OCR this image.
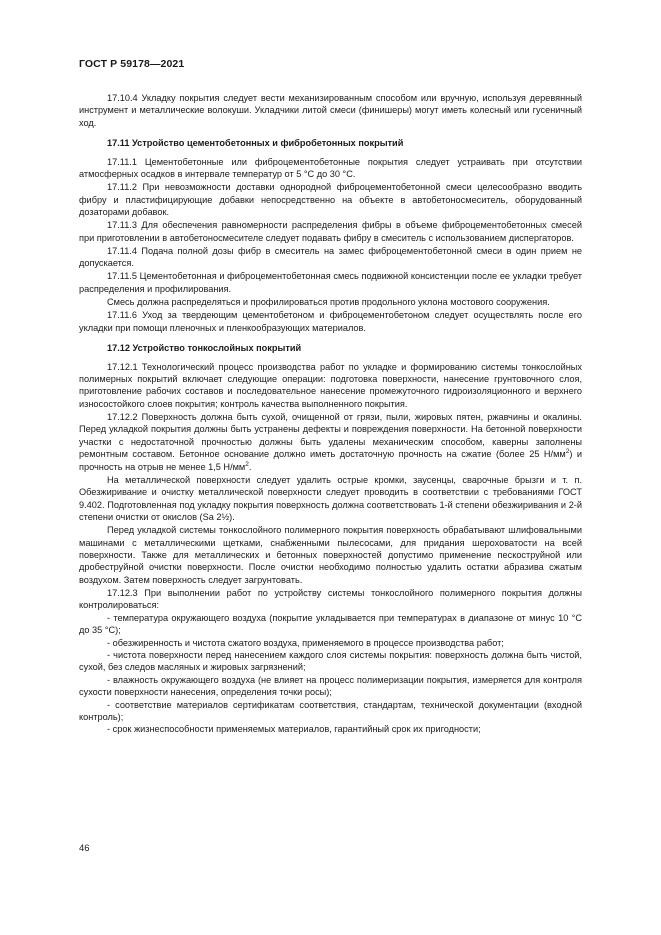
ГОСТ Р 59178—2021

17.10.4 Укладку покрытия следует вести механизированным способом или вручную, используя деревянный инструмент и металлические волокуши. Укладчики литой смеси (финишеры) могут иметь колесный или гусеничный ход.

17.11 Устройство цементобетонных и фибробетонных покрытий

17.11.1 Цементобетонные или фиброцементобетонные покрытия следует устраивать при отсутствии атмосферных осадков в интервале температур от 5 °С до 30 °С.

17.11.2 При невозможности доставки однородной фиброцементобетонной смеси целесообразно вводить фибру и пластифицирующие добавки непосредственно на объекте в автобетоносмеситель, оборудованный дозаторами добавок.

17.11.3 Для обеспечения равномерности распределения фибры в объеме фиброцементобетонных смесей при приготовлении в автобетоносмесителе следует подавать фибру в смеситель с использованием диспергаторов.

17.11.4 Подача полной дозы фибр в смеситель на замес фиброцементобетонной смеси в один прием не допускается.

17.11.5 Цементобетонная и фиброцементобетонная смесь подвижной консистенции после ее укладки требует распределения и профилирования.

Смесь должна распределяться и профилироваться против продольного уклона мостового сооружения.

17.11.6 Уход за твердеющим цементобетоном и фиброцементобетоном следует осуществлять после его укладки при помощи пленочных и пленкообразующих материалов.

17.12 Устройство тонкослойных покрытий

17.12.1 Технологический процесс производства работ по укладке и формированию системы тонкослойных полимерных покрытий включает следующие операции: подготовка поверхности, нанесение грунтовочного слоя, приготовление рабочих составов и последовательное нанесение промежуточного гидроизоляционного и верхнего износостойкого слоев покрытия; контроль качества выполненного покрытия.

17.12.2 Поверхность должна быть сухой, очищенной от грязи, пыли, жировых пятен, ржавчины и окалины. Перед укладкой покрытия должны быть устранены дефекты и повреждения поверхности. На бетонной поверхности участки с недостаточной прочностью должны быть удалены механическим способом, каверны заполнены ремонтным составом. Бетонное основание должно иметь достаточную прочность на сжатие (более 25 $Н/мм^2$) и прочность на отрыв не менее 1,5 $Н/мм^2$.

На металлической поверхности следует удалить острые кромки, заусенцы, сварочные брызги и т. п. Обезжиривание и очистку металлической поверхности следует проводить в соответствии с требованиями ГОСТ 9.402. Подготовленная под укладку покрытия поверхность должна соответствовать 1-й степени обезжиривания и 2-й степени очистки от окислов (Sa 2½).

Перед укладкой системы тонкослойного полимерного покрытия поверхность обрабатывают шлифовальными машинами с металлическими щетками, снабженными пылесосами, для придания шероховатости на всей поверхности. Также для металлических и бетонных поверхностей допустимо применение пескоструйной или дробеструйной очистки поверхности. После очистки необходимо полностью удалить остатки абразива сжатым воздухом. Затем поверхность следует загрунтовать.

17.12.3 При выполнении работ по устройству системы тонкослойного полимерного покрытия должны контролироваться:

- температура окружающего воздуха (покрытие укладывается при температурах в диапазоне от минус 10 °С до 35 °С);

- обезжиренность и чистота сжатого воздуха, применяемого в процессе производства работ;

- чистота поверхности перед нанесением каждого слоя системы покрытия: поверхность должна быть чистой, сухой, без следов масляных и жировых загрязнений;

- влажность окружающего воздуха (не влияет на процесс полимеризации покрытия, измеряется для контроля сухости поверхности нанесения, определения точки росы);

- соответствие материалов сертификатам соответствия, стандартам, технической документации (входной контроль);

- срок жизнеспособности применяемых материалов, гарантийный срок их пригодности;

46
